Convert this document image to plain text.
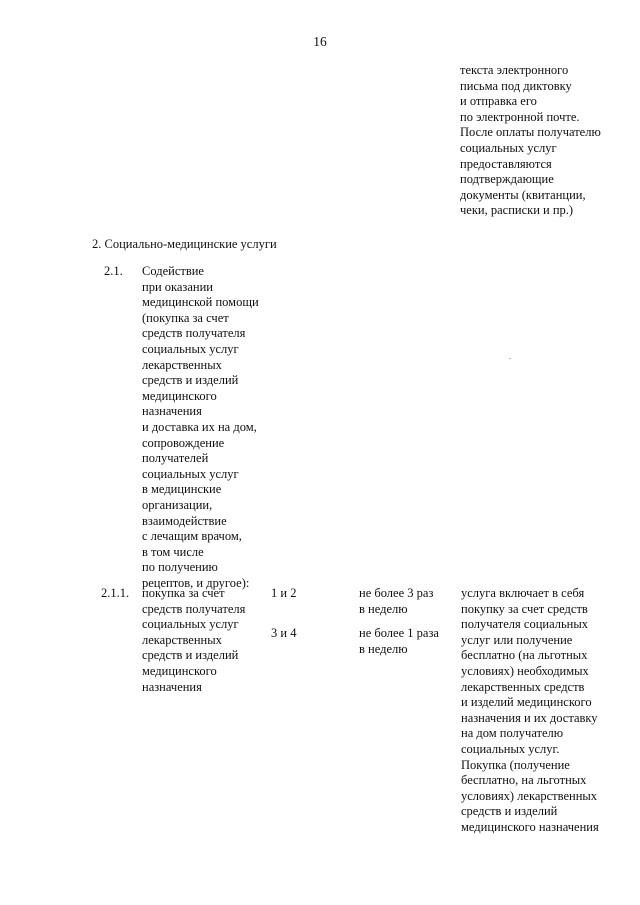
16
текста электронного
письма под диктовку
и отправка его
по электронной почте.
После оплаты получателю
социальных услуг
предоставляются
подтверждающие
документы (квитанции,
чеки, расписки и пр.)
2. Социально-медицинские услуги
2.1. Содействие
при оказании
медицинской помощи
(покупка за счет
средств получателя
социальных услуг
лекарственных
средств и изделий
медицинского
назначения
и доставка их на дом,
сопровождение
получателей
социальных услуг
в медицинские
организации,
взаимодействие
с лечащим врачом,
в том числе
по получению
рецептов, и другое):
2.1.1. покупка за счет
средств получателя
социальных услуг
лекарственных
средств и изделий
медицинского
назначения
1 и 2
3 и 4
не более 3 раз
в неделю
не более 1 раза
в неделю
услуга включает в себя
покупку за счет средств
получателя социальных
услуг или получение
бесплатно (на льготных
условиях) необходимых
лекарственных средств
и изделий медицинского
назначения и их доставку
на дом получателю
социальных услуг.
Покупка (получение
бесплатно, на льготных
условиях) лекарственных
средств и изделий
медицинского назначения
